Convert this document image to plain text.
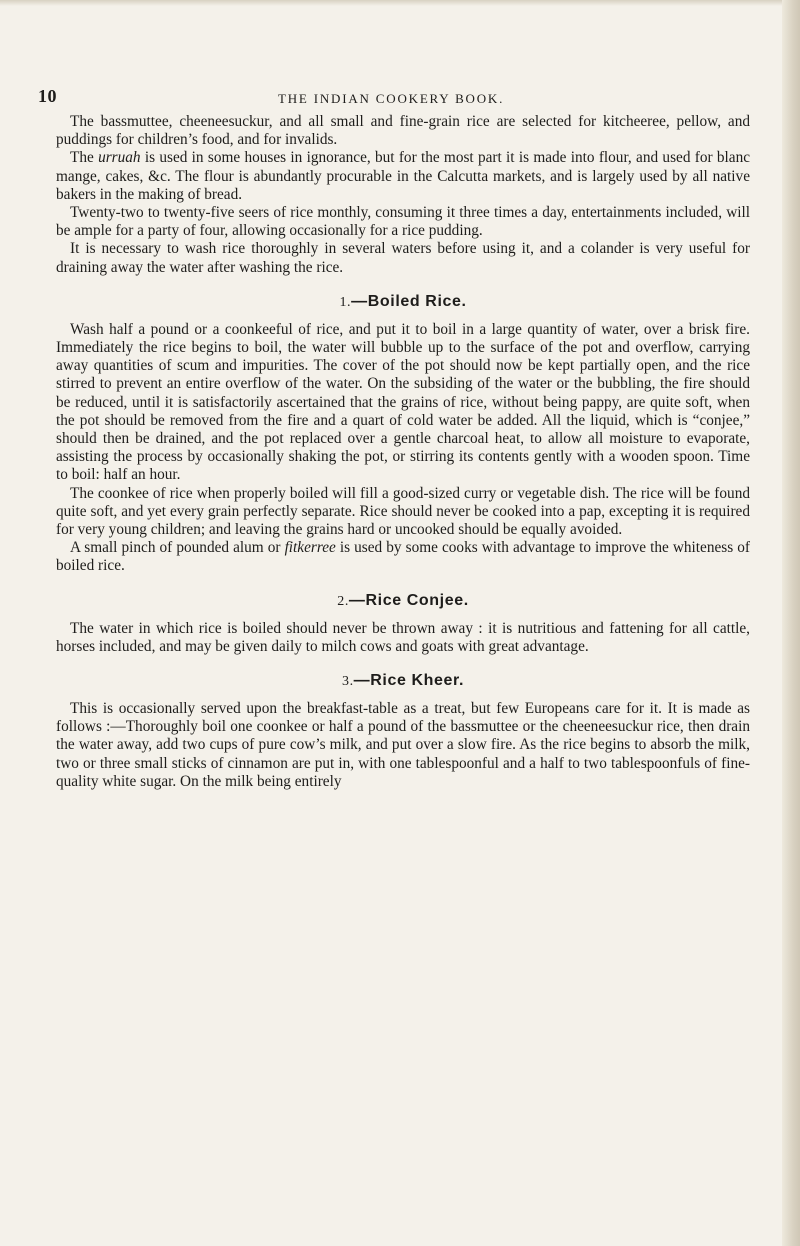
10	THE INDIAN COOKERY BOOK.

The bassmuttee, cheeneesuckur, and all small and fine-grain rice are selected for kitcheeree, pellow, and puddings for children’s food, and for invalids.

The urruah is used in some houses in ignorance, but for the most part it is made into flour, and used for blanc mange, cakes, &c. The flour is abundantly procurable in the Calcutta markets, and is largely used by all native bakers in the making of bread.

Twenty-two to twenty-five seers of rice monthly, consuming it three times a day, entertainments included, will be ample for a party of four, allowing occasionally for a rice pudding.

It is necessary to wash rice thoroughly in several waters before using it, and a colander is very useful for draining away the water after washing the rice.

1.—Boiled Rice.

Wash half a pound or a coonkeeful of rice, and put it to boil in a large quantity of water, over a brisk fire. Immediately the rice begins to boil, the water will bubble up to the surface of the pot and overflow, carrying away quantities of scum and impurities. The cover of the pot should now be kept partially open, and the rice stirred to prevent an entire overflow of the water. On the subsiding of the water or the bubbling, the fire should be reduced, until it is satisfactorily ascertained that the grains of rice, without being pappy, are quite soft, when the pot should be removed from the fire and a quart of cold water be added. All the liquid, which is “conjee,” should then be drained, and the pot replaced over a gentle charcoal heat, to allow all moisture to evaporate, assisting the process by occasionally shaking the pot, or stirring its contents gently with a wooden spoon. Time to boil: half an hour.

The coonkee of rice when properly boiled will fill a good-sized curry or vegetable dish. The rice will be found quite soft, and yet every grain perfectly separate. Rice should never be cooked into a pap, excepting it is required for very young children; and leaving the grains hard or uncooked should be equally avoided.

A small pinch of pounded alum or fitkerree is used by some cooks with advantage to improve the whiteness of boiled rice.

2.—Rice Conjee.

The water in which rice is boiled should never be thrown away : it is nutritious and fattening for all cattle, horses included, and may be given daily to milch cows and goats with great advantage.

3.—Rice Kheer.

This is occasionally served upon the breakfast-table as a treat, but few Europeans care for it. It is made as follows :—Thoroughly boil one coonkee or half a pound of the bassmuttee or the cheeneesuckur rice, then drain the water away, add two cups of pure cow’s milk, and put over a slow fire. As the rice begins to absorb the milk, two or three small sticks of cinnamon are put in, with one tablespoonful and a half to two tablespoonfuls of fine-quality white sugar. On the milk being entirely
